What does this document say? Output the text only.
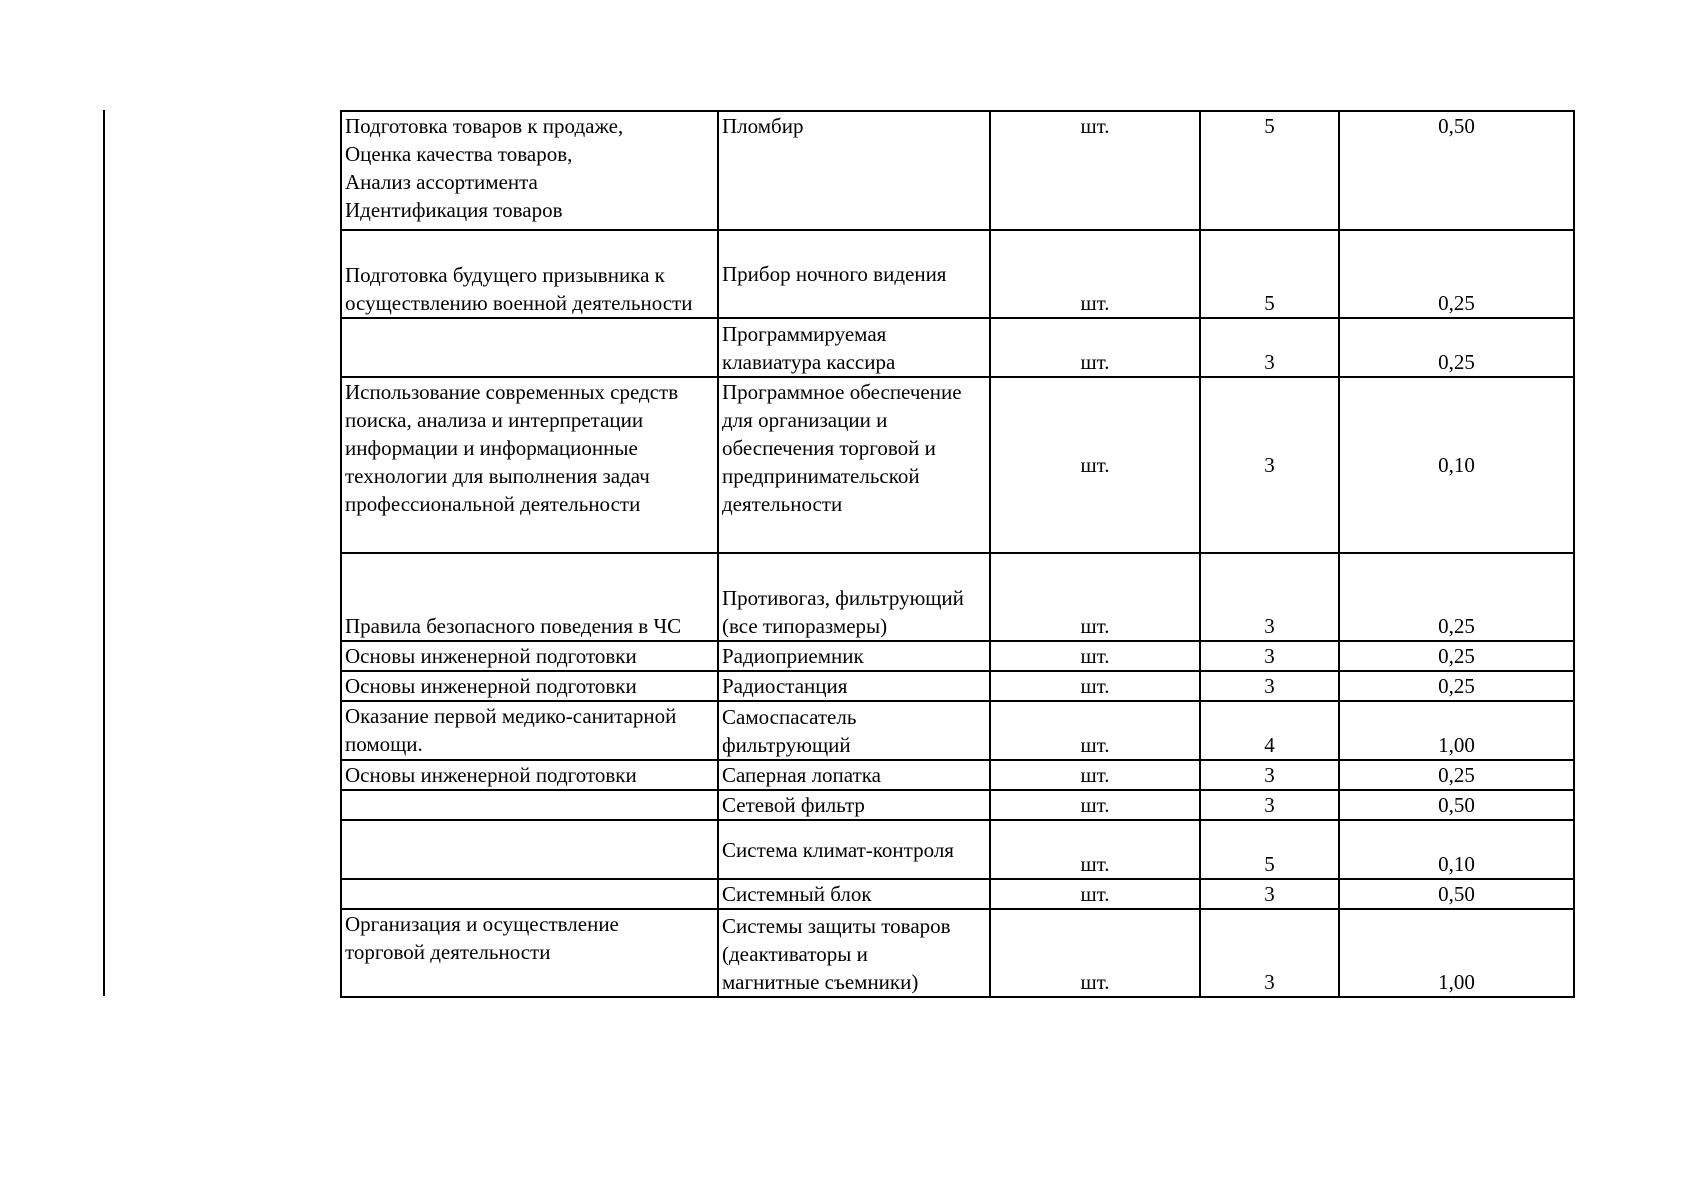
Подготовка товаров к продаже,
Оценка качества товаров,
Анализ ассортимента
Идентификация товаров	Пломбир	шт.	5	0,50
Подготовка будущего призывника к
осуществлению военной деятельности	Прибор ночного видения	шт.	5	0,25
	Программируемая
клавиатура кассира	шт.	3	0,25
Использование современных средств
поиска, анализа и интерпретации
информации и информационные
технологии для выполнения задач
профессиональной деятельности	Программное обеспечение
для организации и
обеспечения торговой и
предпринимательской
деятельности	шт.	3	0,10
Правила безопасного поведения в ЧС	Противогаз, фильтрующий
(все типоразмеры)	шт.	3	0,25
Основы инженерной подготовки	Радиоприемник	шт.	3	0,25
Основы инженерной подготовки	Радиостанция	шт.	3	0,25
Оказание первой медико-санитарной
помощи.	Самоспасатель
фильтрующий	шт.	4	1,00
Основы инженерной подготовки	Саперная лопатка	шт.	3	0,25
	Сетевой фильтр	шт.	3	0,50
	Система климат-контроля	шт.	5	0,10
	Системный блок	шт.	3	0,50
Организация и осуществление
торговой деятельности	Системы защиты товаров
(деактиваторы и
магнитные съемники)	шт.	3	1,00
